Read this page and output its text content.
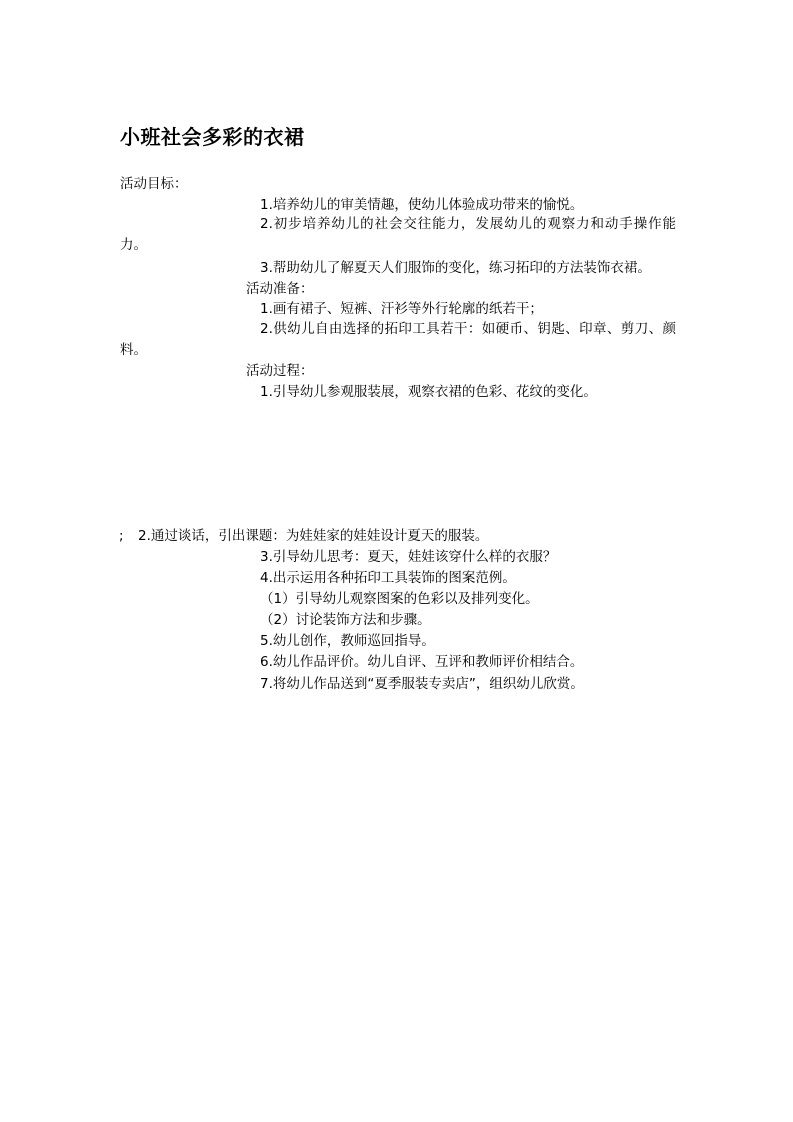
小班社会多彩的衣裙
活动目标：
1.培养幼儿的审美情趣，使幼儿体验成功带来的愉悦。
2.初步培养幼儿的社会交往能力，发展幼儿的观察力和动手操作能力。
3.帮助幼儿了解夏天人们服饰的变化，练习拓印的方法装饰衣裙。
活动准备：
1.画有裙子、短裤、汗衫等外行轮廓的纸若干；
2.供幼儿自由选择的拓印工具若干：如硬币、钥匙、印章、剪刀、颜料。
活动过程：
1.引导幼儿参观服装展，观察衣裙的色彩、花纹的变化。
; 2.通过谈话，引出课题：为娃娃家的娃娃设计夏天的服装。
3.引导幼儿思考：夏天，娃娃该穿什么样的衣服？
4.出示运用各种拓印工具装饰的图案范例。
（1）引导幼儿观察图案的色彩以及排列变化。
（2）讨论装饰方法和步骤。
5.幼儿创作，教师巡回指导。
6.幼儿作品评价。幼儿自评、互评和教师评价相结合。
7.将幼儿作品送到“夏季服装专卖店”，组织幼儿欣赏。
